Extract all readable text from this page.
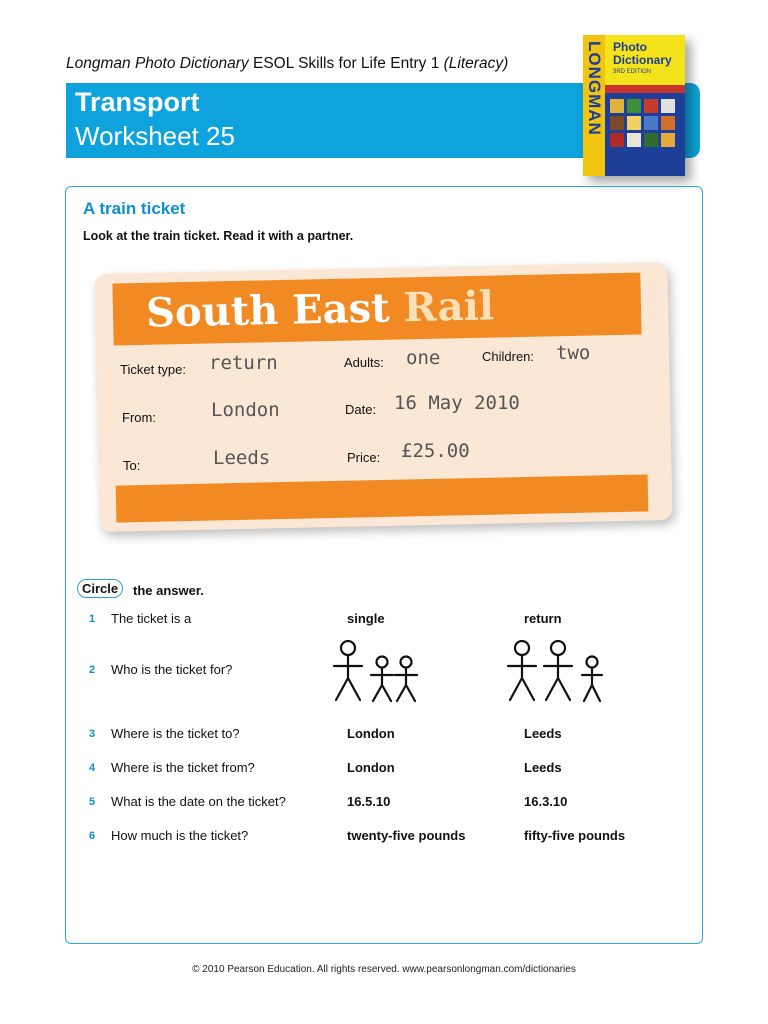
Longman Photo Dictionary ESOL Skills for Life Entry 1 (Literacy)
Transport
Worksheet 25
LONGMAN Photo Dictionary
3RD EDITION
A train ticket
Look at the train ticket. Read it with a partner.
South East Rail
Ticket type: return	Adults: one	Children: two
From:	London	Date: 16 May 2010
To:	Leeds	Price: £25.00
Circle	the answer.
1 The ticket is a	single	return
2 Who is the ticket for?
3 Where is the ticket to?	London	Leeds
4 Where is the ticket from?	London	Leeds
5 What is the date on the ticket?	16.5.10	16.3.10
6 How much is the ticket?	twenty-five pounds	fifty-five pounds
© 2010 Pearson Education. All rights reserved. www.pearsonlongman.com/dictionaries
